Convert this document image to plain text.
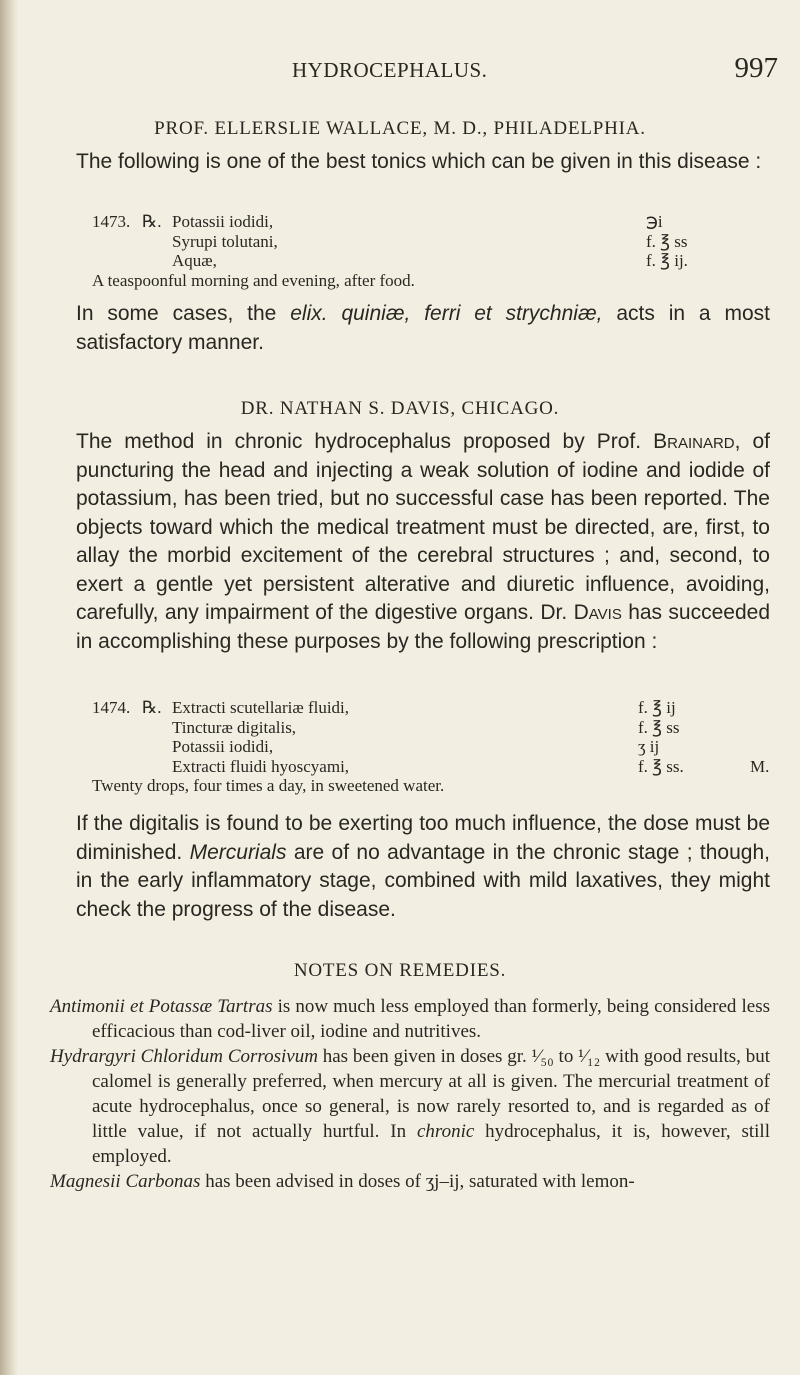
HYDROCEPHALUS.	997
PROF. ELLERSLIE WALLACE, M. D., PHILADELPHIA.
The following is one of the best tonics which can be given in this disease :
1473. ℞. Potassii iodidi,	℈i
Syrupi tolutani,	f. ℥ ss
Aquæ,	f. ℥ ij.
A teaspoonful morning and evening, after food.
In some cases, the elix. quiniæ, ferri et strychniæ, acts in a most satisfactory manner.
DR. NATHAN S. DAVIS, CHICAGO.
The method in chronic hydrocephalus proposed by Prof. Brainard, of puncturing the head and injecting a weak solution of iodine and iodide of potassium, has been tried, but no successful case has been reported. The objects toward which the medical treatment must be directed, are, first, to allay the morbid excitement of the cerebral structures ; and, second, to exert a gentle yet persistent alterative and diuretic influence, avoiding, carefully, any impairment of the digestive organs. Dr. Davis has succeeded in accomplishing these purposes by the following prescription :
1474. ℞. Extracti scutellariæ fluidi,	f. ℥ ij
Tincturæ digitalis,	f. ℥ ss
Potassii iodidi,	ʒ ij
Extracti fluidi hyoscyami,	f. ℥ ss.	M.
Twenty drops, four times a day, in sweetened water.
If the digitalis is found to be exerting too much influence, the dose must be diminished. Mercurials are of no advantage in the chronic stage ; though, in the early inflammatory stage, combined with mild laxatives, they might check the progress of the disease.
NOTES ON REMEDIES.

Antimonii et Potassæ Tartras is now much less employed than formerly, being considered less efficacious than cod-liver oil, iodine and nutritives.

Hydrargyri Chloridum Corrosivum has been given in doses gr. ¹⁄₅₀ to ¹⁄₁₂ with good results, but calomel is generally preferred, when mercury at all is given. The mercurial treatment of acute hydrocephalus, once so general, is now rarely resorted to, and is regarded as of little value, if not actually hurtful. In chronic hydrocephalus, it is, however, still employed.

Magnesii Carbonas has been advised in doses of ʒj–ij, saturated with lemon-
